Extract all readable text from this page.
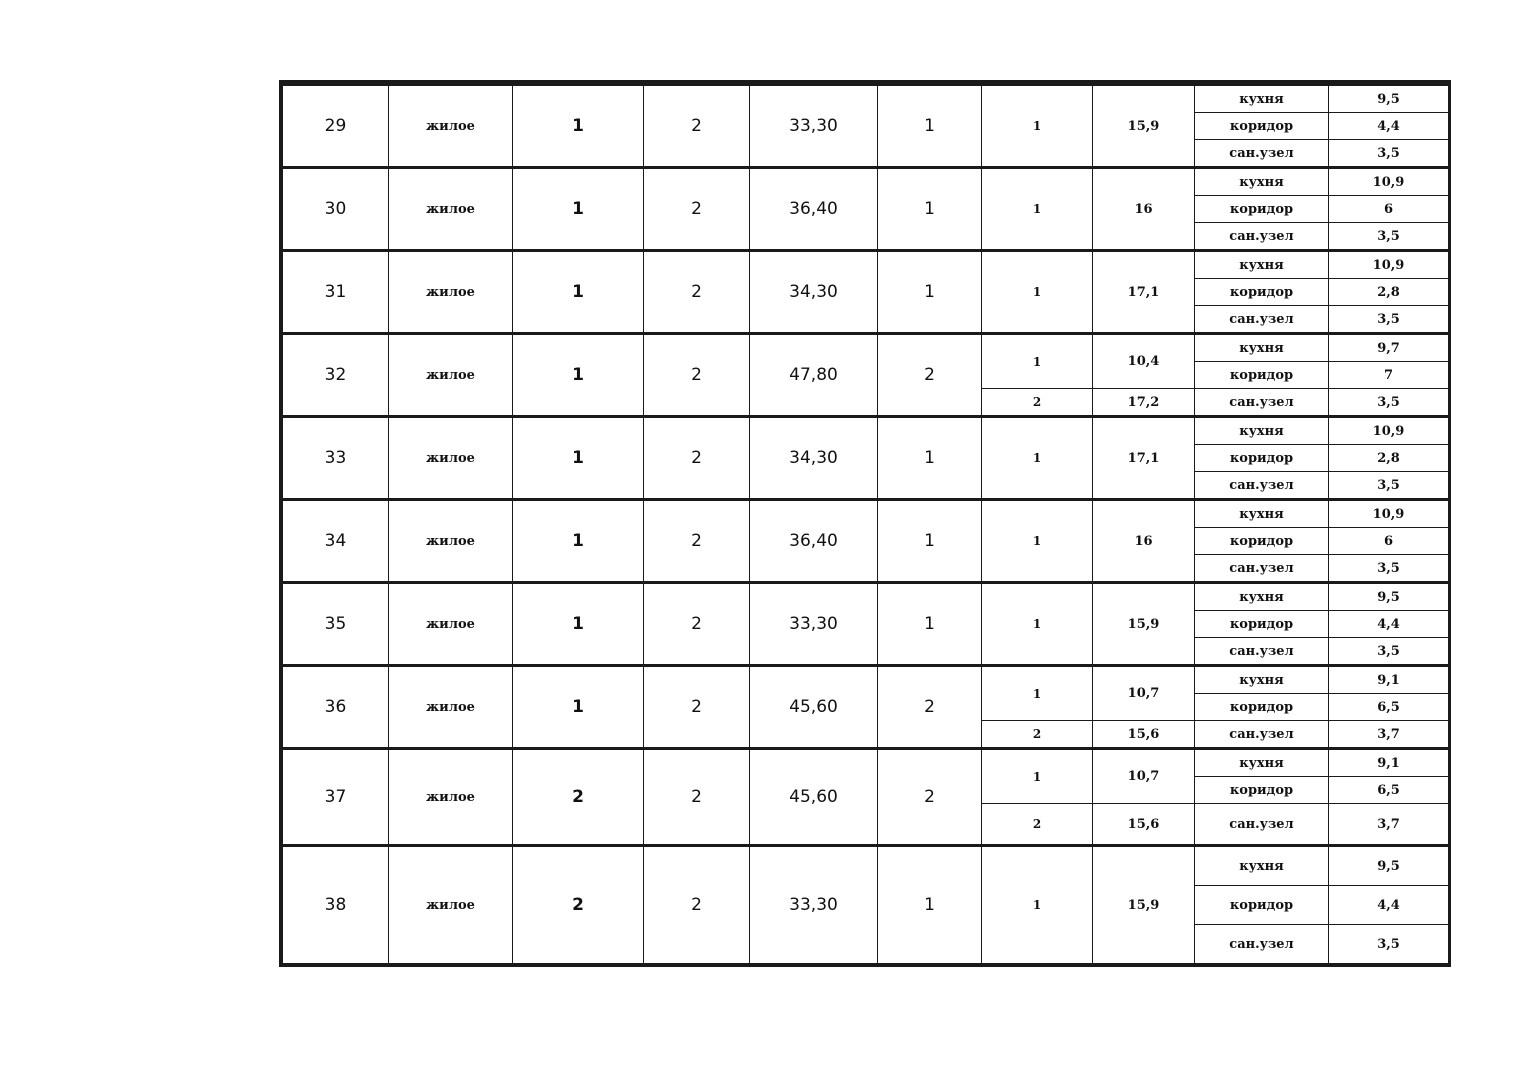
29	жилое	1	2	33,30	1	1	15,9	кухня	9,5
								коридор	4,4
								сан.узел	3,5
30	жилое	1	2	36,40	1	1	16	кухня	10,9
								коридор	6
								сан.узел	3,5
31	жилое	1	2	34,30	1	1	17,1	кухня	10,9
								коридор	2,8
								сан.узел	3,5
32	жилое	1	2	47,80	2	1	10,4	кухня	9,7
								коридор	7
						2	17,2	сан.узел	3,5
33	жилое	1	2	34,30	1	1	17,1	кухня	10,9
								коридор	2,8
								сан.узел	3,5
34	жилое	1	2	36,40	1	1	16	кухня	10,9
								коридор	6
								сан.узел	3,5
35	жилое	1	2	33,30	1	1	15,9	кухня	9,5
								коридор	4,4
								сан.узел	3,5
36	жилое	1	2	45,60	2	1	10,7	кухня	9,1
								коридор	6,5
						2	15,6	сан.узел	3,7
37	жилое	2	2	45,60	2	1	10,7	кухня	9,1
								коридор	6,5
						2	15,6	сан.узел	3,7
38	жилое	2	2	33,30	1	1	15,9	кухня	9,5
								коридор	4,4
								сан.узел	3,5
